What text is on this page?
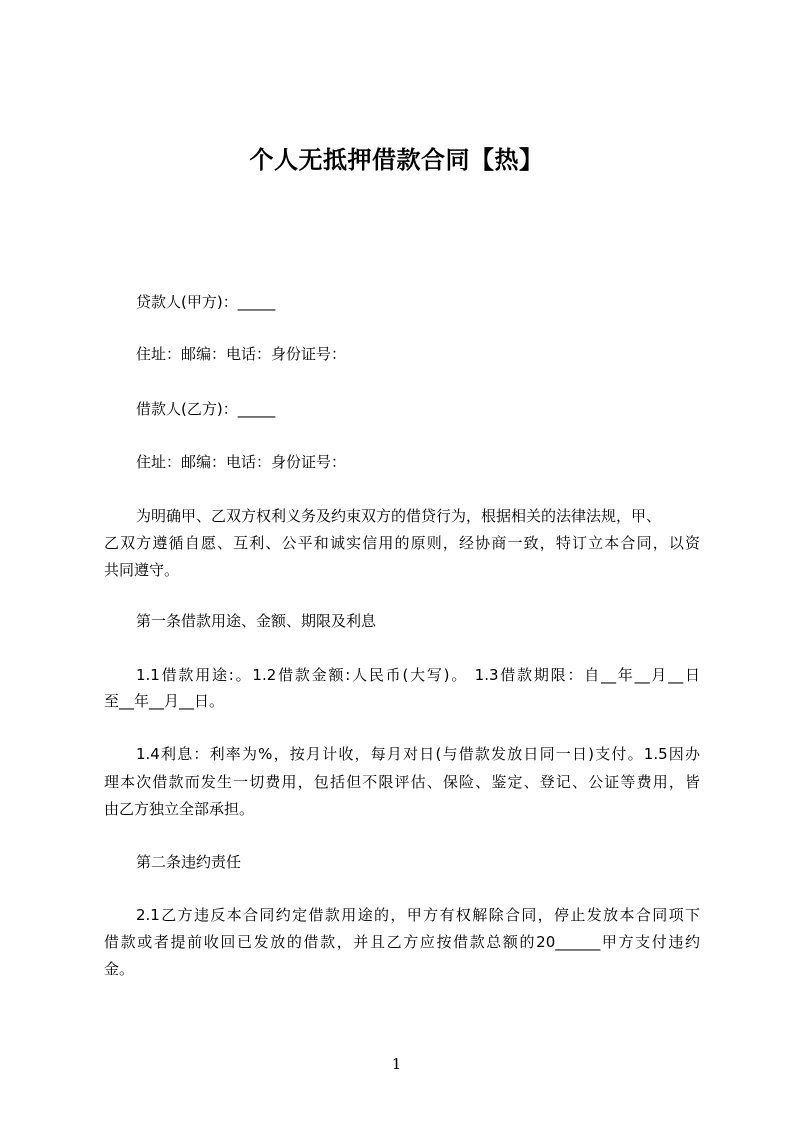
个人无抵押借款合同【热】
贷款人(甲方)：_____
住址：邮编：电话：身份证号：
借款人(乙方)：_____
住址：邮编：电话：身份证号：
为明确甲、乙双方权利义务及约束双方的借贷行为，根据相关的法律法规，甲、
乙双方遵循自愿、互利、公平和诚实信用的原则，经协商一致，特订立本合同，以资
共同遵守。
第一条借款用途、金额、期限及利息
1.1借款用途:。1.2借款金额:人民币(大写)。 1.3借款期限：自__年__月__日
至__年__月__日。
1.4利息：利率为%，按月计收，每月对日(与借款发放日同一日)支付。1.5因办
理本次借款而发生一切费用，包括但不限评估、保险、鉴定、登记、公证等费用，皆
由乙方独立全部承担。
第二条违约责任
2.1乙方违反本合同约定借款用途的，甲方有权解除合同，停止发放本合同项下
借款或者提前收回已发放的借款，并且乙方应按借款总额的20______甲方支付违约
金。
1
